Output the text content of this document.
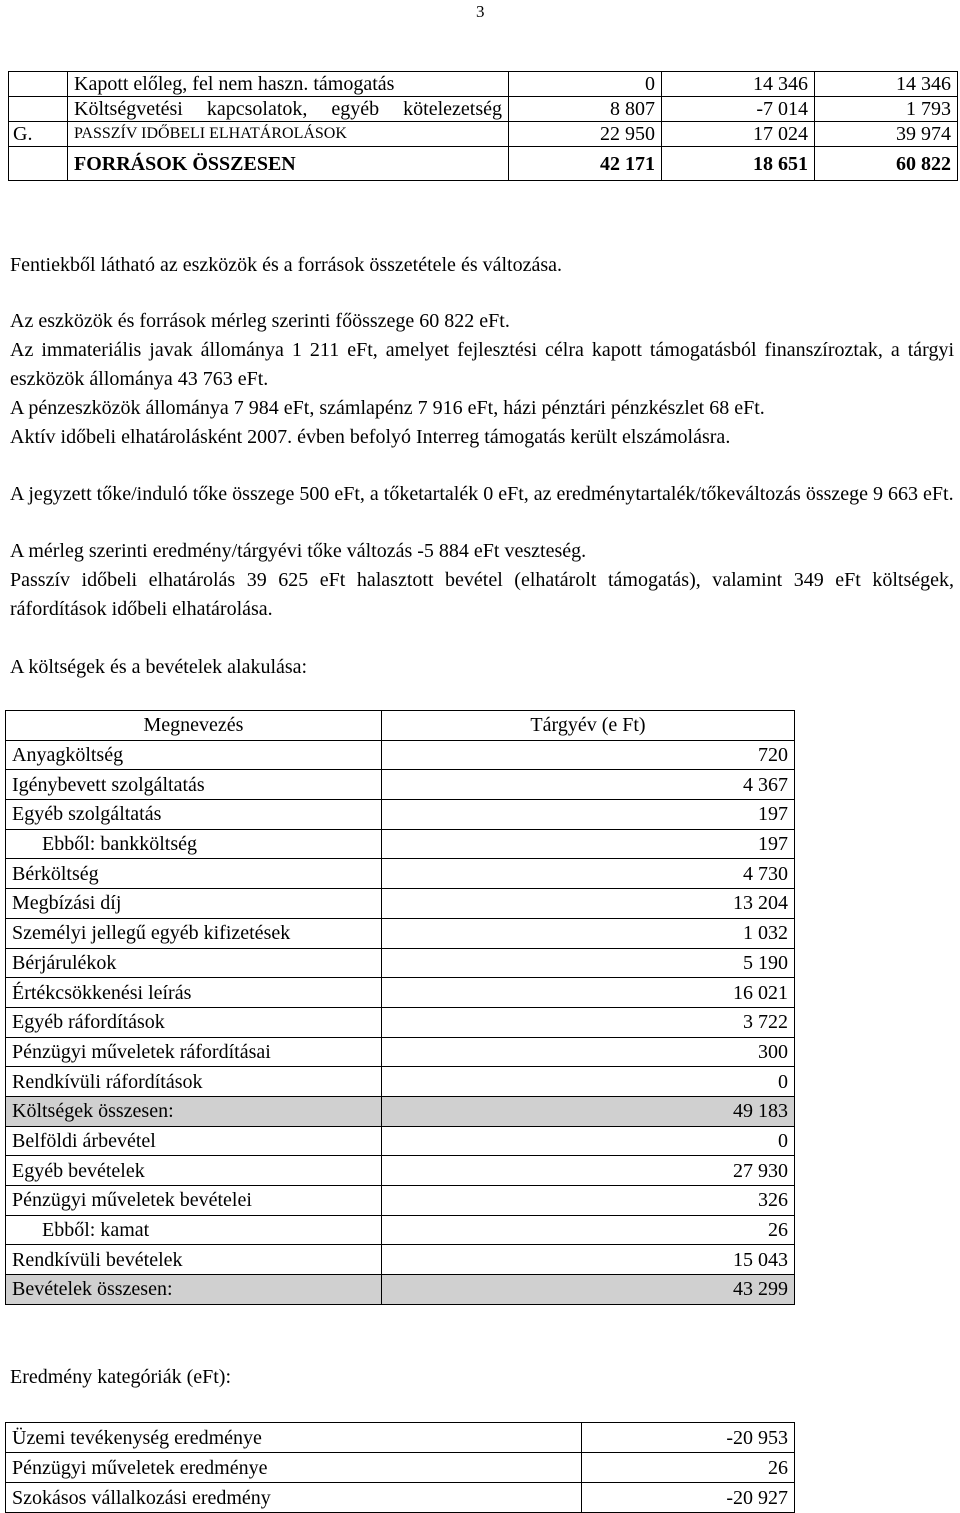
3
	Kapott előleg, fel nem haszn. támogatás	0	14 346	14 346

	Költségvetési kapcsolatok, egyéb kötelezetség	8 807	-7 014	1 793
G.	PASSZÍV IDŐBELI ELHATÁROLÁSOK	22 950	17 024	39 974
	FORRÁSOK ÖSSZESEN	42 171	18 651	60 822

Fentiekből látható az eszközök és a források összetétele és változása.

Az eszközök és források mérleg szerinti főösszege 60 822 eFt.

Az immateriális javak állománya 1 211 eFt, amelyet fejlesztési célra kapott támogatásból finanszíroztak, a tárgyi eszközök állománya 43 763 eFt.

A pénzeszközök állománya 7 984 eFt, számlapénz 7 916 eFt, házi pénztári pénzkészlet 68 eFt.

Aktív időbeli elhatárolásként 2007. évben befolyó Interreg támogatás került elszámolásra.

A jegyzett tőke/induló tőke összege 500 eFt, a tőketartalék 0 eFt, az eredménytartalék/tőkeváltozás összege 9 663 eFt.

A mérleg szerinti eredmény/tárgyévi tőke változás -5 884 eFt veszteség.

Passzív időbeli elhatárolás 39 625 eFt halasztott bevétel (elhatárolt támogatás), valamint 349 eFt költségek, ráfordítások időbeli elhatárolása.

A költségek és a bevételek alakulása:

Megnevezés	Tárgyév (e Ft)
Anyagköltség	720
Igénybevett szolgáltatás	4 367
Egyéb szolgáltatás	197
Ebből: bankköltség	197
Bérköltség	4 730
Megbízási díj	13 204
Személyi jellegű egyéb kifizetések	1 032
Bérjárulékok	5 190
Értékcsökkenési leírás	16 021
Egyéb ráfordítások	3 722
Pénzügyi műveletek ráfordításai	300
Rendkívüli ráfordítások	0
Költségek összesen:	49 183
Belföldi árbevétel	0
Egyéb bevételek	27 930
Pénzügyi műveletek bevételei	326
Ebből: kamat	26
Rendkívüli bevételek	15 043
Bevételek összesen:	43 299

Eredmény kategóriák (eFt):

Üzemi tevékenység eredménye	-20 953
Pénzügyi műveletek eredménye	26
Szokásos vállalkozási eredmény	-20 927
